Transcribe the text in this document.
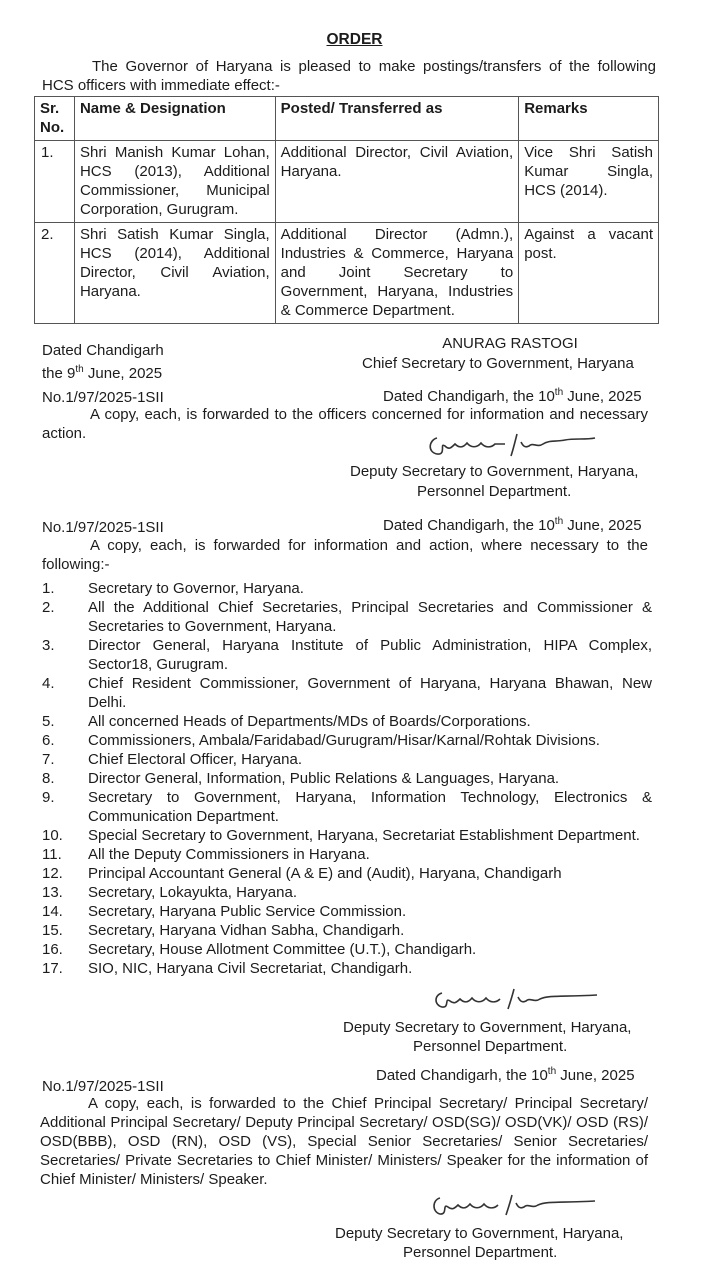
ORDER
The Governor of Haryana is pleased to make postings/transfers of the following
HCS officers with immediate effect:-
Sr. No.	Name & Designation	Posted/ Transferred as	Remarks
1.	Shri Manish Kumar Lohan, HCS (2013), Additional Commissioner, Municipal Corporation, Gurugram.	Additional Director, Civil Aviation, Haryana.	Vice Shri Satish Kumar Singla, HCS (2014).
2.	Shri Satish Kumar Singla, HCS (2014), Additional Director, Civil Aviation, Haryana.	Additional Director (Admn.), Industries & Commerce, Haryana and Joint Secretary to Government, Haryana, Industries & Commerce Department.	Against a vacant post.
Dated Chandigarh
the 9th June, 2025
ANURAG RASTOGI
Chief Secretary to Government, Haryana
No.1/97/2025-1SII	Dated Chandigarh, the 10th June, 2025
A copy, each, is forwarded to the officers concerned for information and necessary action.
Deputy Secretary to Government, Haryana,
Personnel Department.
No.1/97/2025-1SII	Dated Chandigarh, the 10th June, 2025
A copy, each, is forwarded for information and action, where necessary to the following:-
1. Secretary to Governor, Haryana.
2. All the Additional Chief Secretaries, Principal Secretaries and Commissioner & Secretaries to Government, Haryana.
3. Director General, Haryana Institute of Public Administration, HIPA Complex, Sector18, Gurugram.
4. Chief Resident Commissioner, Government of Haryana, Haryana Bhawan, New Delhi.
5. All concerned Heads of Departments/MDs of Boards/Corporations.
6. Commissioners, Ambala/Faridabad/Gurugram/Hisar/Karnal/Rohtak Divisions.
7. Chief Electoral Officer, Haryana.
8. Director General, Information, Public Relations & Languages, Haryana.
9. Secretary to Government, Haryana, Information Technology, Electronics & Communication Department.
10. Special Secretary to Government, Haryana, Secretariat Establishment Department.
11. All the Deputy Commissioners in Haryana.
12. Principal Accountant General (A & E) and (Audit), Haryana, Chandigarh
13. Secretary, Lokayukta, Haryana.
14. Secretary, Haryana Public Service Commission.
15. Secretary, Haryana Vidhan Sabha, Chandigarh.
16. Secretary, House Allotment Committee (U.T.), Chandigarh.
17. SIO, NIC, Haryana Civil Secretariat, Chandigarh.
Deputy Secretary to Government, Haryana,
Personnel Department.
No.1/97/2025-1SII
Dated Chandigarh, the 10th June, 2025
A copy, each, is forwarded to the Chief Principal Secretary/ Principal Secretary/ Additional Principal Secretary/ Deputy Principal Secretary/ OSD(SG)/ OSD(VK)/ OSD (RS)/ OSD(BBB), OSD (RN), OSD (VS), Special Senior Secretaries/ Senior Secretaries/ Secretaries/ Private Secretaries to Chief Minister/ Ministers/ Speaker for the information of Chief Minister/ Ministers/ Speaker.
Deputy Secretary to Government, Haryana,
Personnel Department.
